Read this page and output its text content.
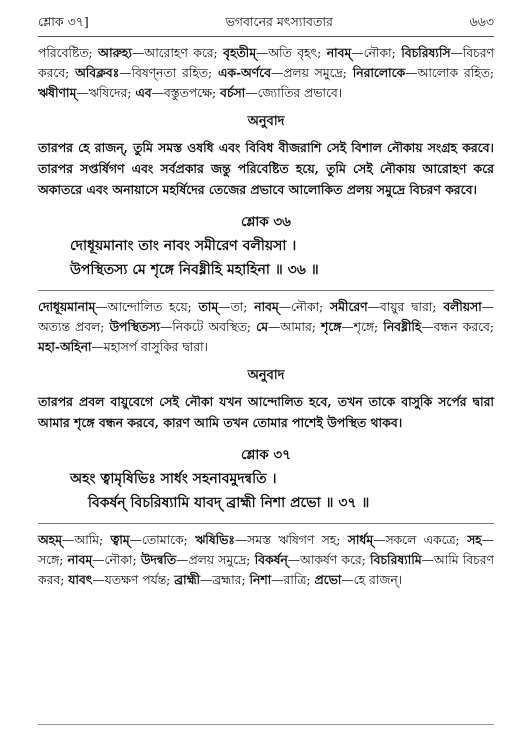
শ্লোক ৩৭]	ভগবানের মৎস্যাবতার	৬৬৩

পরিবেষ্টিত; আরুহ্য—আরোহণ করে; বৃহতীম্—অতি বৃহৎ; নাবম্—নৌকা; বিচরিষ্যসি—বিচরণ করবে; অবিক্লবঃ—বিষণ্নতা রহিত; এক-অর্ণবে—প্রলয় সমুদ্রে; নিরালোকে—আলোক রহিত; ঋষীণাম্—ঋষিদের; এব—বস্তুতপক্ষে; বর্চসা—জ্যোতির প্রভাবে।

অনুবাদ

তারপর হে রাজন্, তুমি সমস্ত ওষধি এবং বিবিধ বীজরাশি সেই বিশাল নৌকায় সংগ্রহ করবে। তারপর সপ্তর্ষিগণ এবং সর্বপ্রকার জন্তু পরিবেষ্টিত হয়ে, তুমি সেই নৌকায় আরোহণ করে অকাতরে এবং অনায়াসে মহর্ষিদের তেজের প্রভাবে আলোকিত প্রলয় সমুদ্রে বিচরণ করবে।

শ্লোক ৩৬

দোধূয়মানাং তাং নাবং সমীরেণ বলীয়সা ।

উপস্থিতস্য মে শৃঙ্গে নিবধ্নীহি মহাহিনা ॥ ৩৬ ॥

দোধূয়মানাম্—আন্দোলিত হয়ে; তাম্—তা; নাবম্—নৌকা; সমীরেণ—বায়ুর দ্বারা; বলীয়সা—অত্যন্ত প্রবল; উপস্থিতস্য—নিকটে অবস্থিত; মে—আমার; শৃঙ্গে—শৃঙ্গে; নিবধ্নীহি—বন্ধন করবে; মহা-অহিনা—মহাসর্প বাসুকির দ্বারা।

অনুবাদ

তারপর প্রবল বায়ুবেগে সেই নৌকা যখন আন্দোলিত হবে, তখন তাকে বাসুকি সর্পের দ্বারা আমার শৃঙ্গে বন্ধন করবে, কারণ আমি তখন তোমার পাশেই উপস্থিত থাকব।

শ্লোক ৩৭

অহং ত্বামৃষিভিঃ সার্ধং সহনাবমুদন্বতি ।

বিকর্ষন্ বিচরিষ্যামি যাবদ্ ব্রাহ্মী নিশা প্রভো ॥ ৩৭ ॥

অহম্—আমি; ত্বাম্—তোমাকে; ঋষিভিঃ—সমস্ত ঋষিগণ সহ; সার্ধম্—সকলে একত্রে; সহ—সঙ্গে; নাবম্—নৌকা; উদন্বতি—প্রলয় সমুদ্রে; বিকর্ষন্—আকর্ষণ করে; বিচরিষ্যামি—আমি বিচরণ করব; যাবৎ—যতক্ষণ পর্যন্ত; ব্রাহ্মী—ব্রহ্মার; নিশা—রাত্রি; প্রভো—হে রাজন্।
